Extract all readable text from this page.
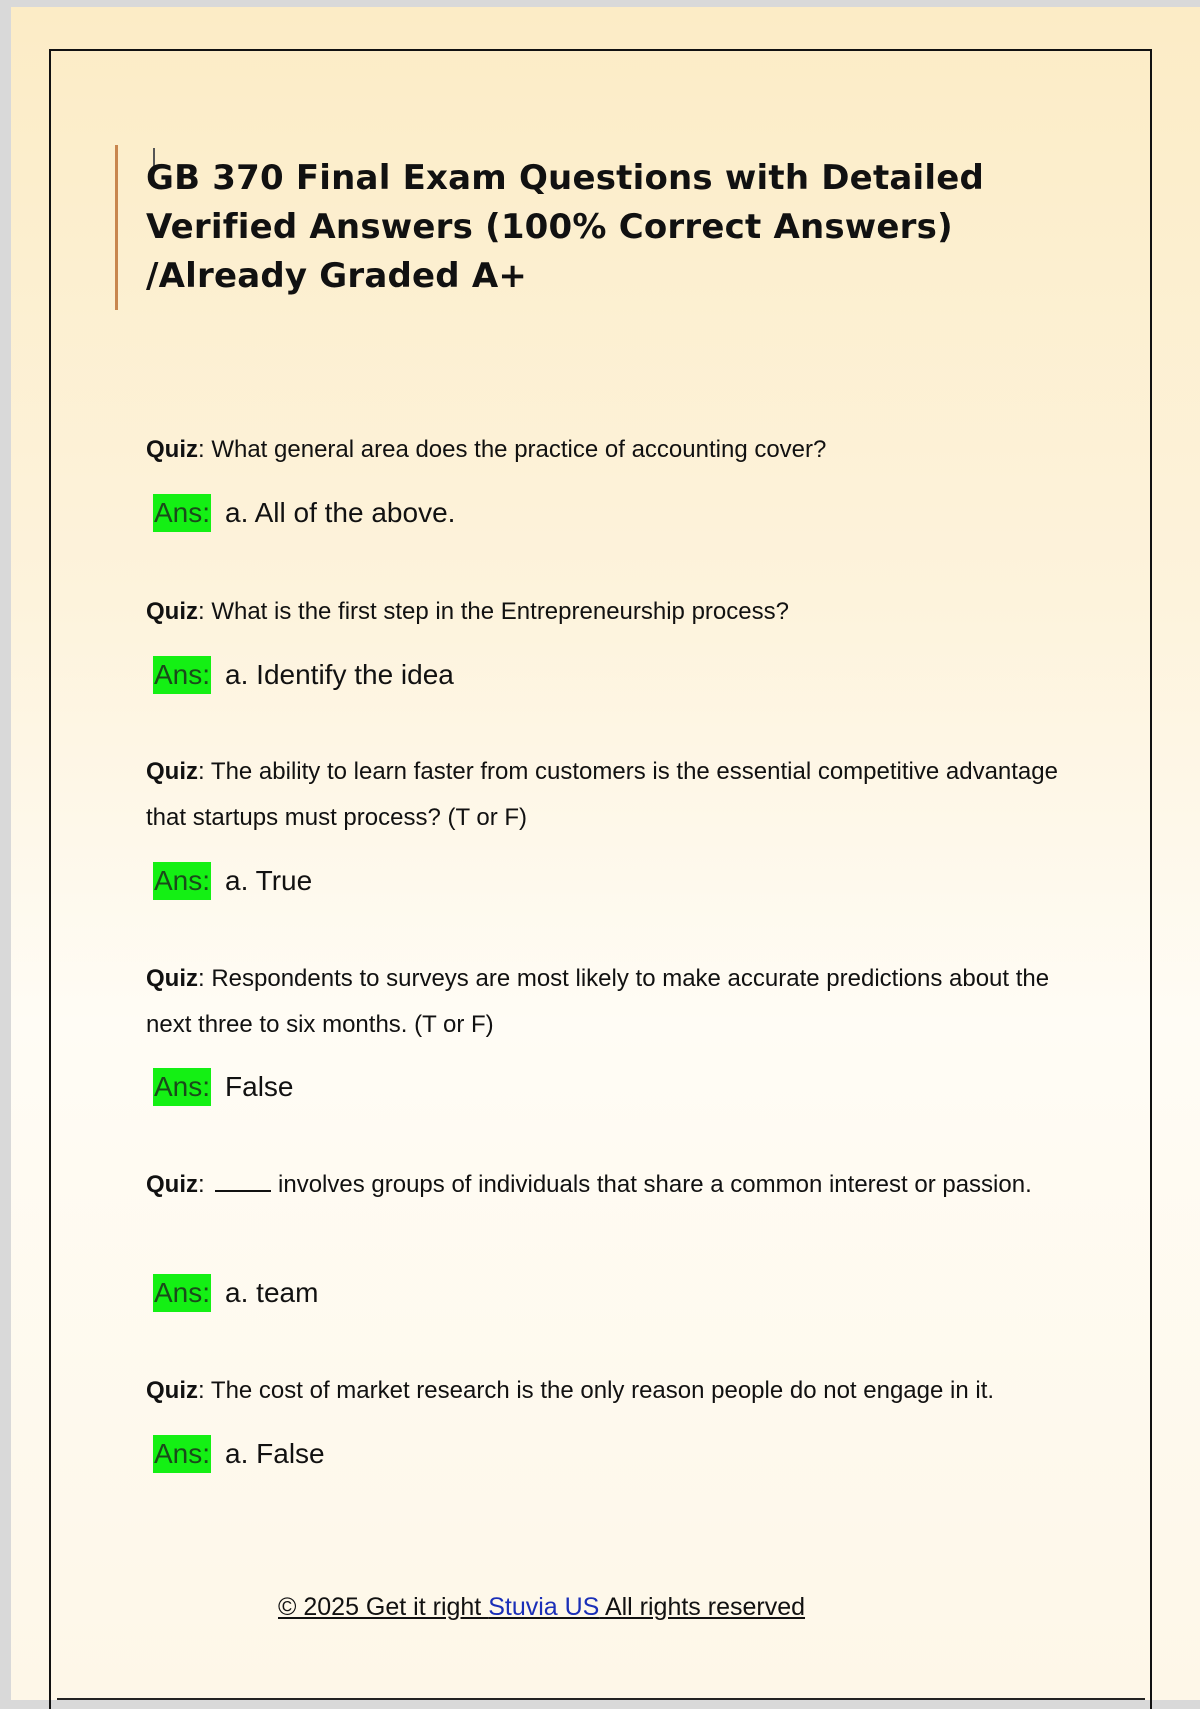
GB 370 Final Exam Questions with Detailed Verified Answers (100% Correct Answers) /Already Graded A+
Quiz: What general area does the practice of accounting cover?
Ans: a. All of the above.
Quiz: What is the first step in the Entrepreneurship process?
Ans: a. Identify the idea
Quiz: The ability to learn faster from customers is the essential competitive advantage that startups must process? (T or F)
Ans: a. True
Quiz: Respondents to surveys are most likely to make accurate predictions about the next three to six months. (T or F)
Ans: False
Quiz:	involves groups of individuals that share a common interest or passion.
Ans: a. team
Quiz: The cost of market research is the only reason people do not engage in it.
Ans: a. False
© 2025 Get it right Stuvia US All rights reserved
